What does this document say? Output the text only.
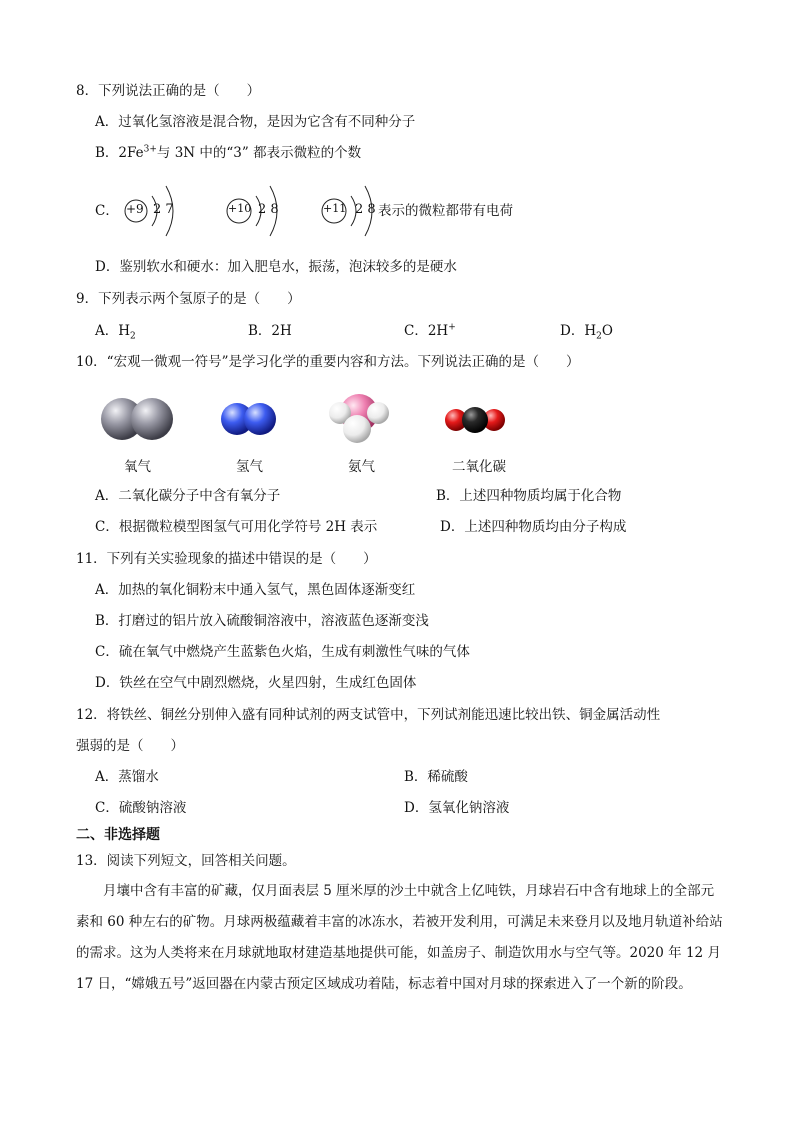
8．下列说法正确的是（　　）
A．过氧化氢溶液是混合物，是因为它含有不同种分子
B．$2Fe^{3+}$与 3N 中的“3” 都表示微粒的个数
C． +9 2 7	+10 2 8	+11 2 8 表示的微粒都带有电荷
D．鉴别软水和硬水：加入肥皂水，振荡，泡沫较多的是硬水
9．下列表示两个氢原子的是（　　）
A．$H_2$	B．2H	C．2H+	D．$H_2O$
10．“宏观一微观一符号”是学习化学的重要内容和方法。下列说法正确的是（　　）
氧气	氢气	氨气	二氧化碳
A．二氧化碳分子中含有氧分子	B．上述四种物质均属于化合物
C．根据微粒模型图氢气可用化学符号 2H 表示	D．上述四种物质均由分子构成
11．下列有关实验现象的描述中错误的是（　　）
A．加热的氧化铜粉末中通入氢气，黑色固体逐渐变红
B．打磨过的铝片放入硫酸铜溶液中，溶液蓝色逐渐变浅
C．硫在氧气中燃烧产生蓝紫色火焰，生成有刺激性气味的气体
D．铁丝在空气中剧烈燃烧，火星四射，生成红色固体
12．将铁丝、铜丝分别伸入盛有同种试剂的两支试管中，下列试剂能迅速比较出铁、铜金属活动性
强弱的是（　　）
A．蒸馏水	B．稀硫酸
C．硫酸钠溶液	D．氢氧化钠溶液
二、非选择题
13．阅读下列短文，回答相关问题。
月壤中含有丰富的矿藏，仅月面表层 5 厘米厚的沙土中就含上亿吨铁，月球岩石中含有地球上的全部元素和 60 种左右的矿物。月球两极蕴藏着丰富的冰冻水，若被开发利用，可满足未来登月以及地月轨道补给站的需求。这为人类将来在月球就地取材建造基地提供可能，如盖房子、制造饮用水与空气等。2020 年 12 月 17 日，“嫦娥五号”返回器在内蒙古预定区域成功着陆，标志着中国对月球的探索进入了一个新的阶段。
